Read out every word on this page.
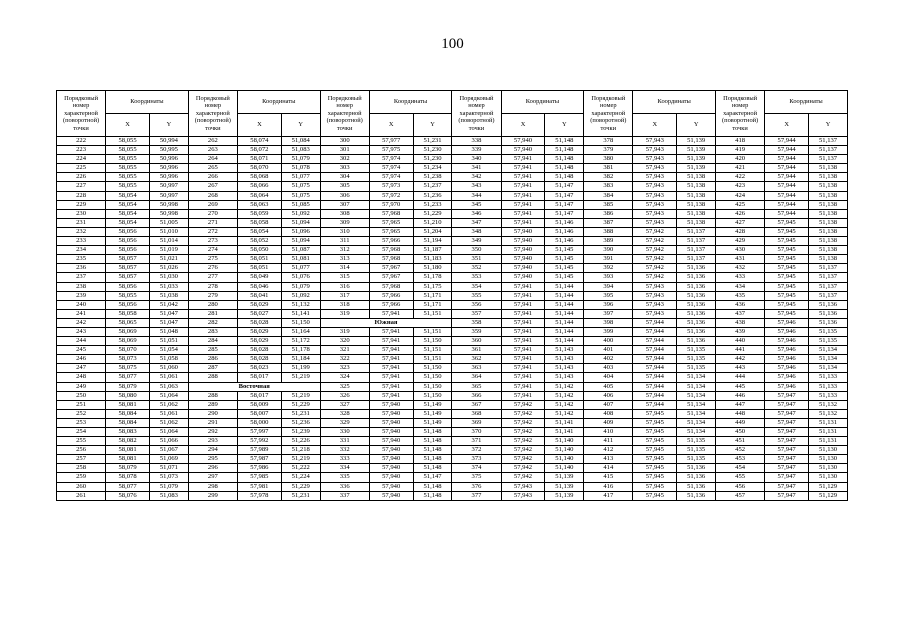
100
Порядковый номер характерной (поворотной) точки	Координаты		Порядковый номер характерной (поворотной) точки	Координаты		Порядковый номер характерной (поворотной) точки	Координаты		Порядковый номер характерной (поворотной) точки	Координаты		Порядковый номер характерной (поворотной) точки	Координаты		Порядковый номер характерной (поворотной) точки	Координаты	
	X	Y		X	Y		X	Y		X	Y		X	Y		X	Y
222	58,055	50,994	262	58,074	51,084	300	57,977	51,231	338	57,940	51,148	378	57,943	51,139	418	57,944	51,137
223	58,055	50,995	263	58,072	51,083	301	57,975	51,230	339	57,940	51,148	379	57,943	51,139	419	57,944	51,137
224	58,055	50,996	264	58,071	51,079	302	57,974	51,230	340	57,941	51,148	380	57,943	51,139	420	57,944	51,137
225	58,055	50,996	265	58,070	51,078	303	57,974	51,234	341	57,941	51,148	381	57,943	51,139	421	57,944	51,138
226	58,055	50,996	266	58,068	51,077	304	57,974	51,238	342	57,941	51,148	382	57,943	51,138	422	57,944	51,138
227	58,055	50,997	267	58,066	51,075	305	57,973	51,237	343	57,941	51,147	383	57,943	51,138	423	57,944	51,138
228	58,054	50,997	268	58,064	51,075	306	57,972	51,236	344	57,941	51,147	384	57,943	51,138	424	57,944	51,138
229	58,054	50,998	269	58,063	51,085	307	57,970	51,233	345	57,941	51,147	385	57,943	51,138	425	57,944	51,138
230	58,054	50,998	270	58,059	51,092	308	57,968	51,229	346	57,941	51,147	386	57,943	51,138	426	57,944	51,138
231	58,054	51,005	271	58,058	51,094	309	57,965	51,210	347	57,941	51,146	387	57,943	51,138	427	57,945	51,138
232	58,056	51,010	272	58,054	51,096	310	57,965	51,204	348	57,940	51,146	388	57,942	51,137	428	57,945	51,138
233	58,056	51,014	273	58,052	51,094	311	57,966	51,194	349	57,940	51,146	389	57,942	51,137	429	57,945	51,138
234	58,056	51,019	274	58,050	51,087	312	57,968	51,187	350	57,940	51,145	390	57,942	51,137	430	57,945	51,138
235	58,057	51,021	275	58,051	51,081	313	57,968	51,183	351	57,940	51,145	391	57,942	51,137	431	57,945	51,138
236	58,057	51,026	276	58,051	51,077	314	57,967	51,180	352	57,940	51,145	392	57,942	51,136	432	57,945	51,137
237	58,057	51,030	277	58,049	51,076	315	57,967	51,178	353	57,940	51,145	393	57,942	51,136	433	57,945	51,137
238	58,056	51,033	278	58,046	51,079	316	57,968	51,175	354	57,941	51,144	394	57,943	51,136	434	57,945	51,137
239	58,055	51,038	279	58,041	51,092	317	57,966	51,171	355	57,941	51,144	395	57,943	51,136	435	57,945	51,137
240	58,056	51,042	280	58,029	51,132	318	57,966	51,171	356	57,941	51,144	396	57,943	51,136	436	57,945	51,136
241	58,058	51,047	281	58,027	51,141	319	57,941	51,151	357	57,941	51,144	397	57,943	51,136	437	57,945	51,136
242	58,065	51,047	282	58,028	51,150	Южная			358	57,941	51,144	398	57,944	51,136	438	57,946	51,136
243	58,069	51,048	283	58,029	51,164	319	57,941	51,151	359	57,941	51,144	399	57,944	51,136	439	57,946	51,135
244	58,069	51,051	284	58,029	51,172	320	57,941	51,150	360	57,941	51,144	400	57,944	51,136	440	57,946	51,135
245	58,070	51,054	285	58,028	51,178	321	57,941	51,151	361	57,941	51,143	401	57,944	51,135	441	57,946	51,134
246	58,073	51,058	286	58,028	51,184	322	57,941	51,151	362	57,941	51,143	402	57,944	51,135	442	57,946	51,134
247	58,075	51,060	287	58,023	51,199	323	57,941	51,150	363	57,941	51,143	403	57,944	51,135	443	57,946	51,134
248	58,077	51,061	288	58,017	51,219	324	57,941	51,150	364	57,941	51,143	404	57,944	51,134	444	57,946	51,133
249	58,079	51,063	Восточная			325	57,941	51,150	365	57,941	51,142	405	57,944	51,134	445	57,946	51,133
250	58,080	51,064	288	58,017	51,219	326	57,941	51,150	366	57,941	51,142	406	57,944	51,134	446	57,947	51,133
251	58,081	51,062	289	58,009	51,229	327	57,940	51,149	367	57,942	51,142	407	57,944	51,134	447	57,947	51,132
252	58,084	51,061	290	58,007	51,231	328	57,940	51,149	368	57,942	51,142	408	57,945	51,134	448	57,947	51,132
253	58,084	51,062	291	58,000	51,236	329	57,940	51,149	369	57,942	51,141	409	57,945	51,134	449	57,947	51,131
254	58,083	51,064	292	57,997	51,239	330	57,940	51,148	370	57,942	51,141	410	57,945	51,134	450	57,947	51,131
255	58,082	51,066	293	57,992	51,226	331	57,940	51,148	371	57,942	51,140	411	57,945	51,135	451	57,947	51,131
256	58,081	51,067	294	57,989	51,218	332	57,940	51,148	372	57,942	51,140	412	57,945	51,135	452	57,947	51,130
257	58,081	51,069	295	57,987	51,219	333	57,940	51,148	373	57,942	51,140	413	57,945	51,135	453	57,947	51,130
258	58,079	51,071	296	57,986	51,222	334	57,940	51,148	374	57,942	51,140	414	57,945	51,136	454	57,947	51,130
259	58,078	51,073	297	57,985	51,224	335	57,940	51,147	375	57,942	51,139	415	57,945	51,136	455	57,947	51,130
260	58,077	51,079	298	57,981	51,229	336	57,940	51,148	376	57,943	51,139	416	57,945	51,136	456	57,947	51,129
261	58,076	51,083	299	57,978	51,231	337	57,940	51,148	377	57,943	51,139	417	57,945	51,136	457	57,947	51,129
